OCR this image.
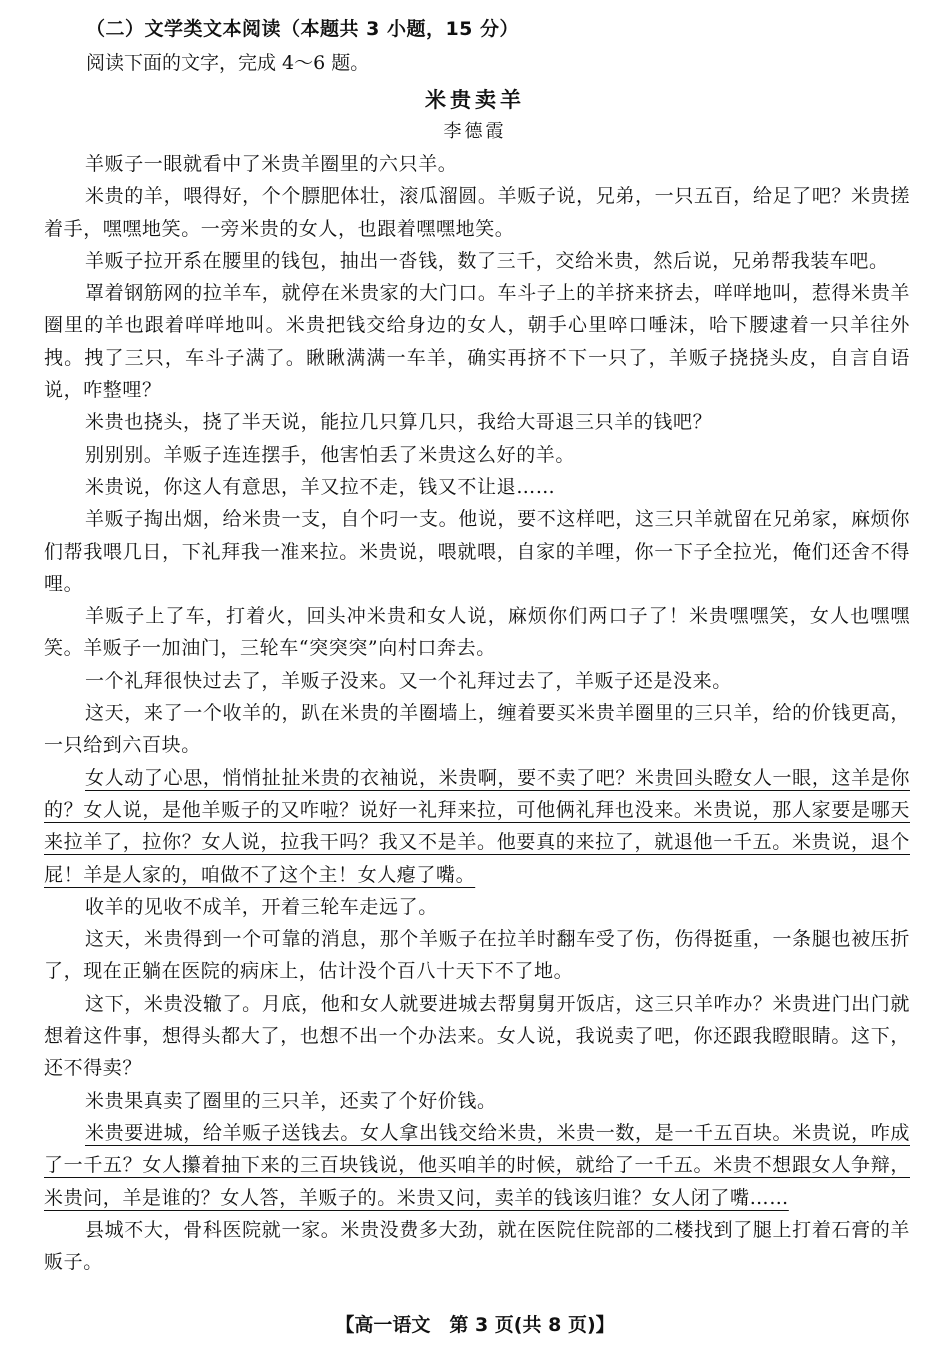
（二）文学类文本阅读（本题共 3 小题，15 分）
阅读下面的文字，完成 4～6 题。
米贵卖羊
李德霞

羊贩子一眼就看中了米贵羊圈里的六只羊。

米贵的羊，喂得好，个个膘肥体壮，滚瓜溜圆。羊贩子说，兄弟，一只五百，给足了吧？米贵搓着手，嘿嘿地笑。一旁米贵的女人，也跟着嘿嘿地笑。

羊贩子拉开系在腰里的钱包，抽出一沓钱，数了三千，交给米贵，然后说，兄弟帮我装车吧。

罩着钢筋网的拉羊车，就停在米贵家的大门口。车斗子上的羊挤来挤去，咩咩地叫，惹得米贵羊圈里的羊也跟着咩咩地叫。米贵把钱交给身边的女人，朝手心里啐口唾沫，哈下腰逮着一只羊往外拽。拽了三只，车斗子满了。瞅瞅满满一车羊，确实再挤不下一只了，羊贩子挠挠头皮，自言自语说，咋整哩？

米贵也挠头，挠了半天说，能拉几只算几只，我给大哥退三只羊的钱吧？

别别别。羊贩子连连摆手，他害怕丢了米贵这么好的羊。

米贵说，你这人有意思，羊又拉不走，钱又不让退……

羊贩子掏出烟，给米贵一支，自个叼一支。他说，要不这样吧，这三只羊就留在兄弟家，麻烦你们帮我喂几日，下礼拜我一准来拉。米贵说，喂就喂，自家的羊哩，你一下子全拉光，俺们还舍不得哩。

羊贩子上了车，打着火，回头冲米贵和女人说，麻烦你们两口子了！米贵嘿嘿笑，女人也嘿嘿笑。羊贩子一加油门，三轮车“突突突”向村口奔去。

一个礼拜很快过去了，羊贩子没来。又一个礼拜过去了，羊贩子还是没来。

这天，来了一个收羊的，趴在米贵的羊圈墙上，缠着要买米贵羊圈里的三只羊，给的价钱更高，一只给到六百块。

女人动了心思，悄悄扯扯米贵的衣袖说，米贵啊，要不卖了吧？米贵回头瞪女人一眼，这羊是你的？女人说，是他羊贩子的又咋啦？说好一礼拜来拉，可他俩礼拜也没来。米贵说，那人家要是哪天来拉羊了，拉你？女人说，拉我干吗？我又不是羊。他要真的来拉了，就退他一千五。米贵说，退个屁！羊是人家的，咱做不了这个主！女人瘪了嘴。

收羊的见收不成羊，开着三轮车走远了。

这天，米贵得到一个可靠的消息，那个羊贩子在拉羊时翻车受了伤，伤得挺重，一条腿也被压折了，现在正躺在医院的病床上，估计没个百八十天下不了地。

这下，米贵没辙了。月底，他和女人就要进城去帮舅舅开饭店，这三只羊咋办？米贵进门出门就想着这件事，想得头都大了，也想不出一个办法来。女人说，我说卖了吧，你还跟我瞪眼睛。这下，还不得卖？

米贵果真卖了圈里的三只羊，还卖了个好价钱。

米贵要进城，给羊贩子送钱去。女人拿出钱交给米贵，米贵一数，是一千五百块。米贵说，咋成了一千五？女人攥着抽下来的三百块钱说，他买咱羊的时候，就给了一千五。米贵不想跟女人争辩，米贵问，羊是谁的？女人答，羊贩子的。米贵又问，卖羊的钱该归谁？女人闭了嘴……

县城不大，骨科医院就一家。米贵没费多大劲，就在医院住院部的二楼找到了腿上打着石膏的羊贩子。

【高一语文　第 3 页(共 8 页)】
